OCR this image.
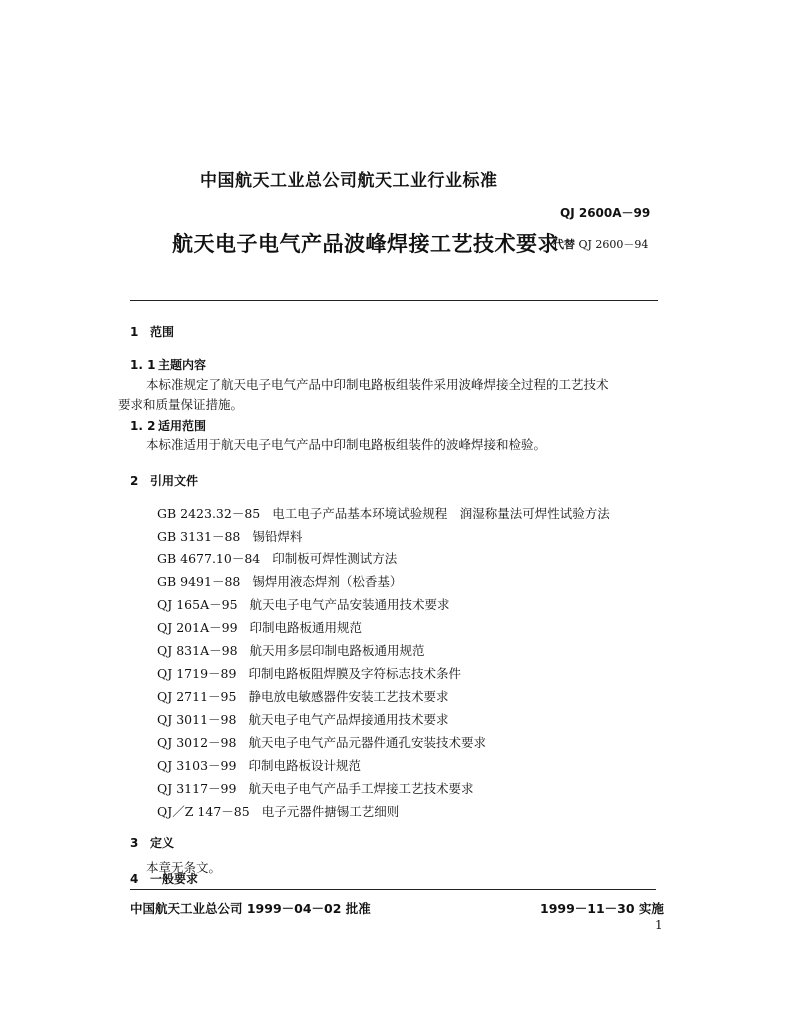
中国航天工业总公司航天工业行业标准
QJ 2600A－99
航天电子电气产品波峰焊接工艺技术要求
代替 QJ 2600－94
1 范围
1. 1 主题内容
本标准规定了航天电子电气产品中印制电路板组装件采用波峰焊接全过程的工艺技术
要求和质量保证措施。
1. 2 适用范围
本标准适用于航天电子电气产品中印制电路板组装件的波峰焊接和检验。
2 引用文件
GB 2423.32－85 电工电子产品基本环境试验规程　润湿称量法可焊性试验方法
GB 3131－88 锡铅焊料
GB 4677.10－84 印制板可焊性测试方法
GB 9491－88 锡焊用液态焊剂（松香基）
QJ 165A－95 航天电子电气产品安装通用技术要求
QJ 201A－99 印制电路板通用规范
QJ 831A－98 航天用多层印制电路板通用规范
QJ 1719－89 印制电路板阻焊膜及字符标志技术条件
QJ 2711－95 静电放电敏感器件安装工艺技术要求
QJ 3011－98 航天电子电气产品焊接通用技术要求
QJ 3012－98 航天电子电气产品元器件通孔安装技术要求
QJ 3103－99 印制电路板设计规范
QJ 3117－99 航天电子电气产品手工焊接工艺技术要求
QJ／Z 147－85 电子元器件搪锡工艺细则
3 定义
本章无条文。
4 一般要求
中国航天工业总公司 1999－04－02 批准	1999－11－30 实施
1
